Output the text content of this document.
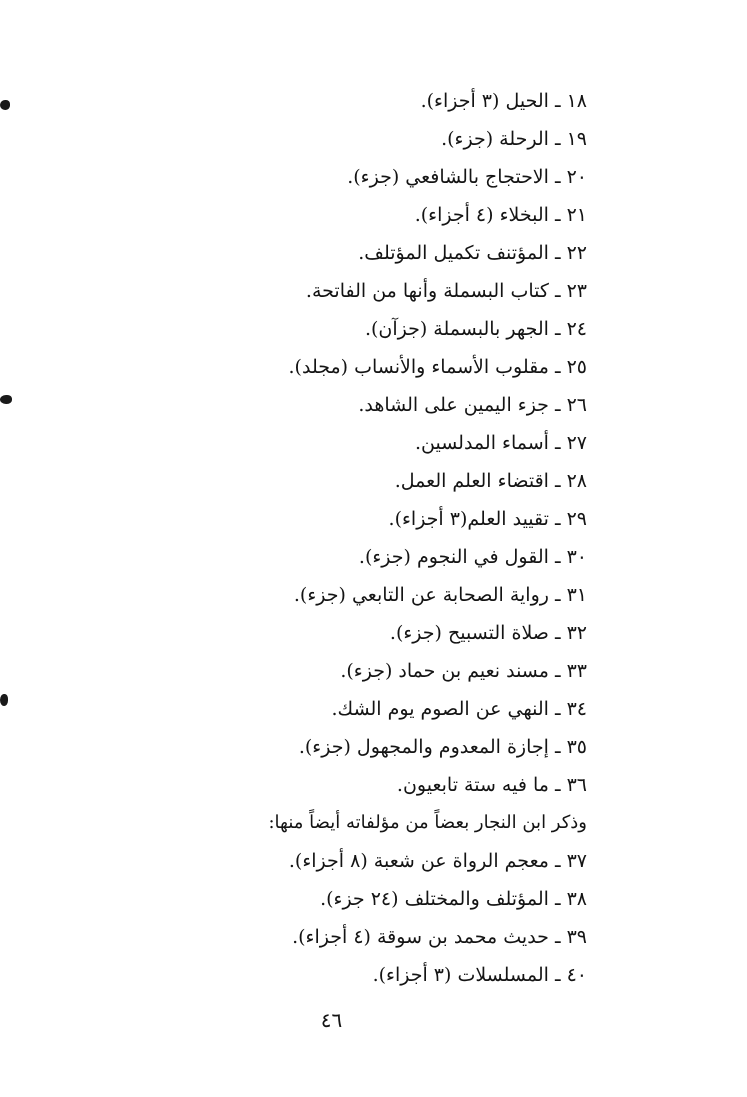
١٨ ـ الحيل (٣ أجزاء).
١٩ ـ الرحلة (جزء).
٢٠ ـ الاحتجاج بالشافعي (جزء).
٢١ ـ البخلاء (٤ أجزاء).
٢٢ ـ المؤتنف تكميل المؤتلف.
٢٣ ـ كتاب البسملة وأنها من الفاتحة.
٢٤ ـ الجهر بالبسملة (جزآن).
٢٥ ـ مقلوب الأسماء والأنساب (مجلد).
٢٦ ـ جزء اليمين على الشاهد.
٢٧ ـ أسماء المدلسين.
٢٨ ـ اقتضاء العلم العمل.
٢٩ ـ تقييد العلم(٣ أجزاء).
٣٠ ـ القول في النجوم (جزء).
٣١ ـ رواية الصحابة عن التابعي (جزء).
٣٢ ـ صلاة التسبيح (جزء).
٣٣ ـ مسند نعيم بن حماد (جزء).
٣٤ ـ النهي عن الصوم يوم الشك.
٣٥ ـ إجازة المعدوم والمجهول (جزء).
٣٦ ـ ما فيه ستة تابعيون.
وذكر ابن النجار بعضاً من مؤلفاته أيضاً منها:
٣٧ ـ معجم الرواة عن شعبة (٨ أجزاء).
٣٨ ـ المؤتلف والمختلف (٢٤ جزء).
٣٩ ـ حديث محمد بن سوقة (٤ أجزاء).
٤٠ ـ المسلسلات (٣ أجزاء).
٤٦
